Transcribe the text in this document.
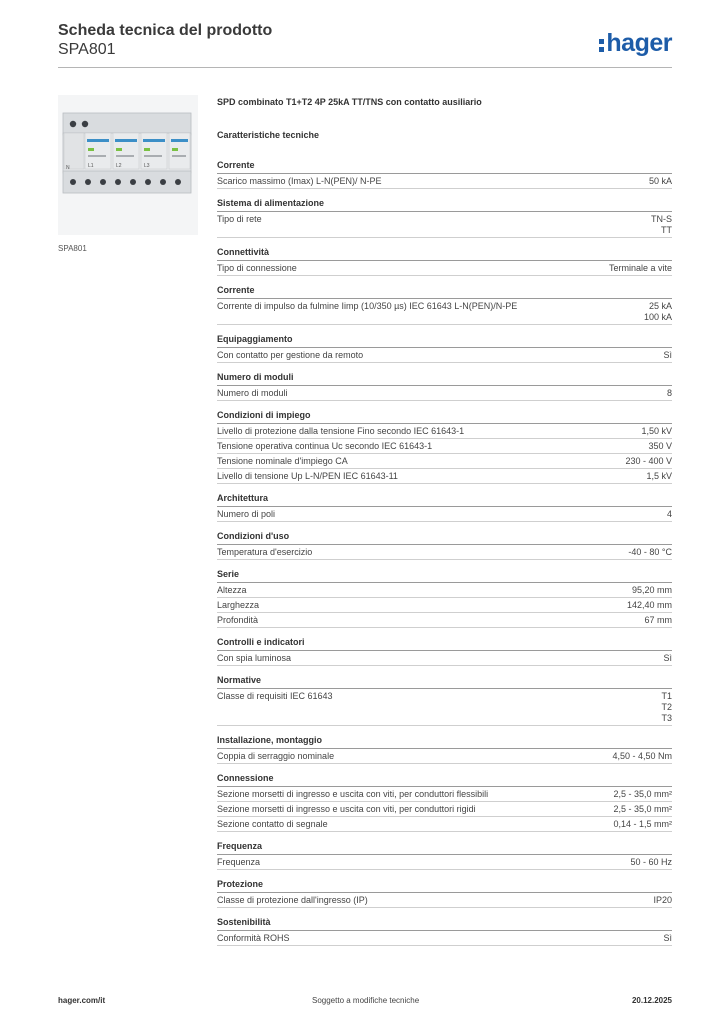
Scheda tecnica del prodotto
SPA801	hager
N	L1	L2	L3
SPA801
SPD combinato T1+T2 4P 25kA TT/TNS con contatto ausiliario
Caratteristiche tecniche
Corrente
Scarico massimo (Imax) L-N(PEN)/ N-PE	50 kA
Sistema di alimentazione
Tipo di rete	TN-S
TT
Connettività
Tipo di connessione	Terminale a vite
Corrente
Corrente di impulso da fulmine Iimp (10/350 µs) IEC 61643 L-N(PEN)/N-PE	25 kA
100 kA
Equipaggiamento
Con contatto per gestione da remoto	Sì
Numero di moduli
Numero di moduli	8
Condizioni di impiego
Livello di protezione dalla tensione Fino secondo IEC 61643-1	1,50 kV
Tensione operativa continua Uc secondo IEC 61643-1	350 V
Tensione nominale d'impiego CA	230 - 400 V
Livello di tensione Up L-N/PEN IEC 61643-11	1,5 kV
Architettura
Numero di poli	4
Condizioni d'uso
Temperatura d'esercizio	-40 - 80 °C
Serie
Altezza	95,20 mm
Larghezza	142,40 mm
Profondità	67 mm
Controlli e indicatori
Con spia luminosa	Sì
Normative
Classe di requisiti IEC 61643	T1
T2
T3
Installazione, montaggio
Coppia di serraggio nominale	4,50 - 4,50 Nm
Connessione
Sezione morsetti di ingresso e uscita con viti, per conduttori flessibili	2,5 - 35,0 mm²
Sezione morsetti di ingresso e uscita con viti, per conduttori rigidi	2,5 - 35,0 mm²
Sezione contatto di segnale	0,14 - 1,5 mm²
Frequenza
Frequenza	50 - 60 Hz
Protezione
Classe di protezione dall'ingresso (IP)	IP20
Sostenibilità
Conformità ROHS	Sì
hager.com/it	Soggetto a modifiche tecniche	20.12.2025
